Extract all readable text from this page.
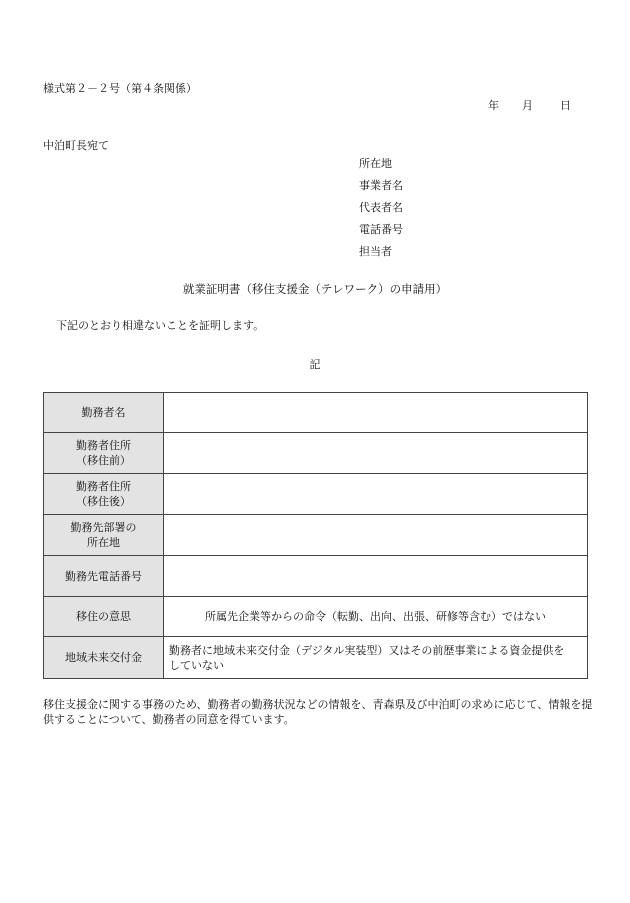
様式第２－２号（第４条関係）
年 月 日
中泊町長宛て
所在地
事業者名
代表者名
電話番号
担当者
就業証明書（移住支援金（テレワーク）の申請用）
下記のとおり相違ないことを証明します。
記
勤務者名	

勤務者住所
（移住前）	

勤務者住所
（移住後）	

勤務先部署の
所在地	

勤務先電話番号	

移住の意思	所属先企業等からの命令（転勤、出向、出張、研修等含む）ではない

地域未来交付金	勤務者に地域未来交付金（デジタル実装型）又はその前歴事業による資金提供を
していない
移住支援金に関する事務のため、勤務者の勤務状況などの情報を、青森県及び中泊町の求めに応じて、情報を提供することについて、勤務者の同意を得ています。
